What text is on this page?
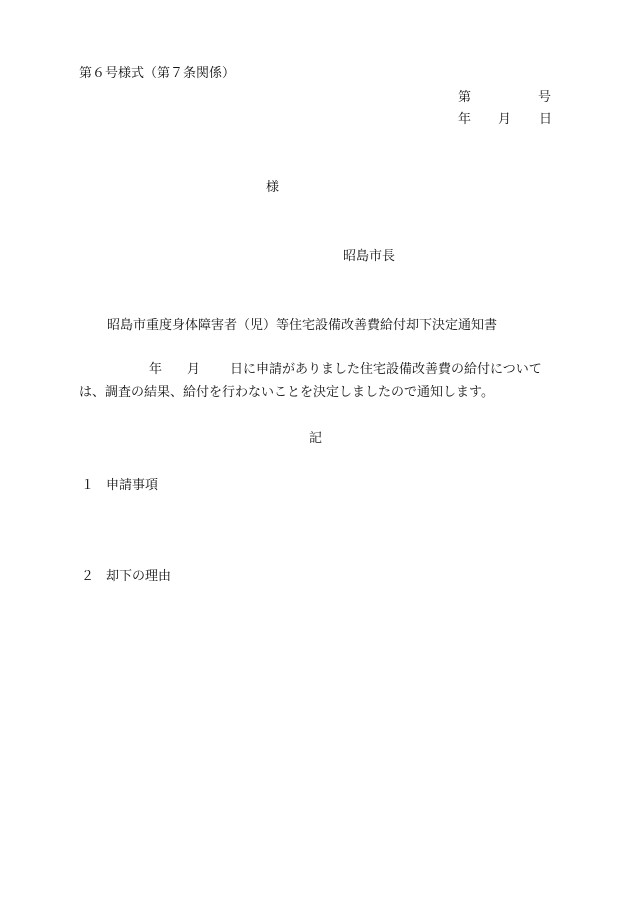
第６号様式（第７条関係）
第	号
年 月 日
様
昭島市長
昭島市重度身体障害者（児）等住宅設備改善費給付却下決定通知書
年 月 日に申請がありました住宅設備改善費の給付について
は、調査の結果、給付を行わないことを決定しましたので通知します。
記
１ 申請事項
２ 却下の理由
